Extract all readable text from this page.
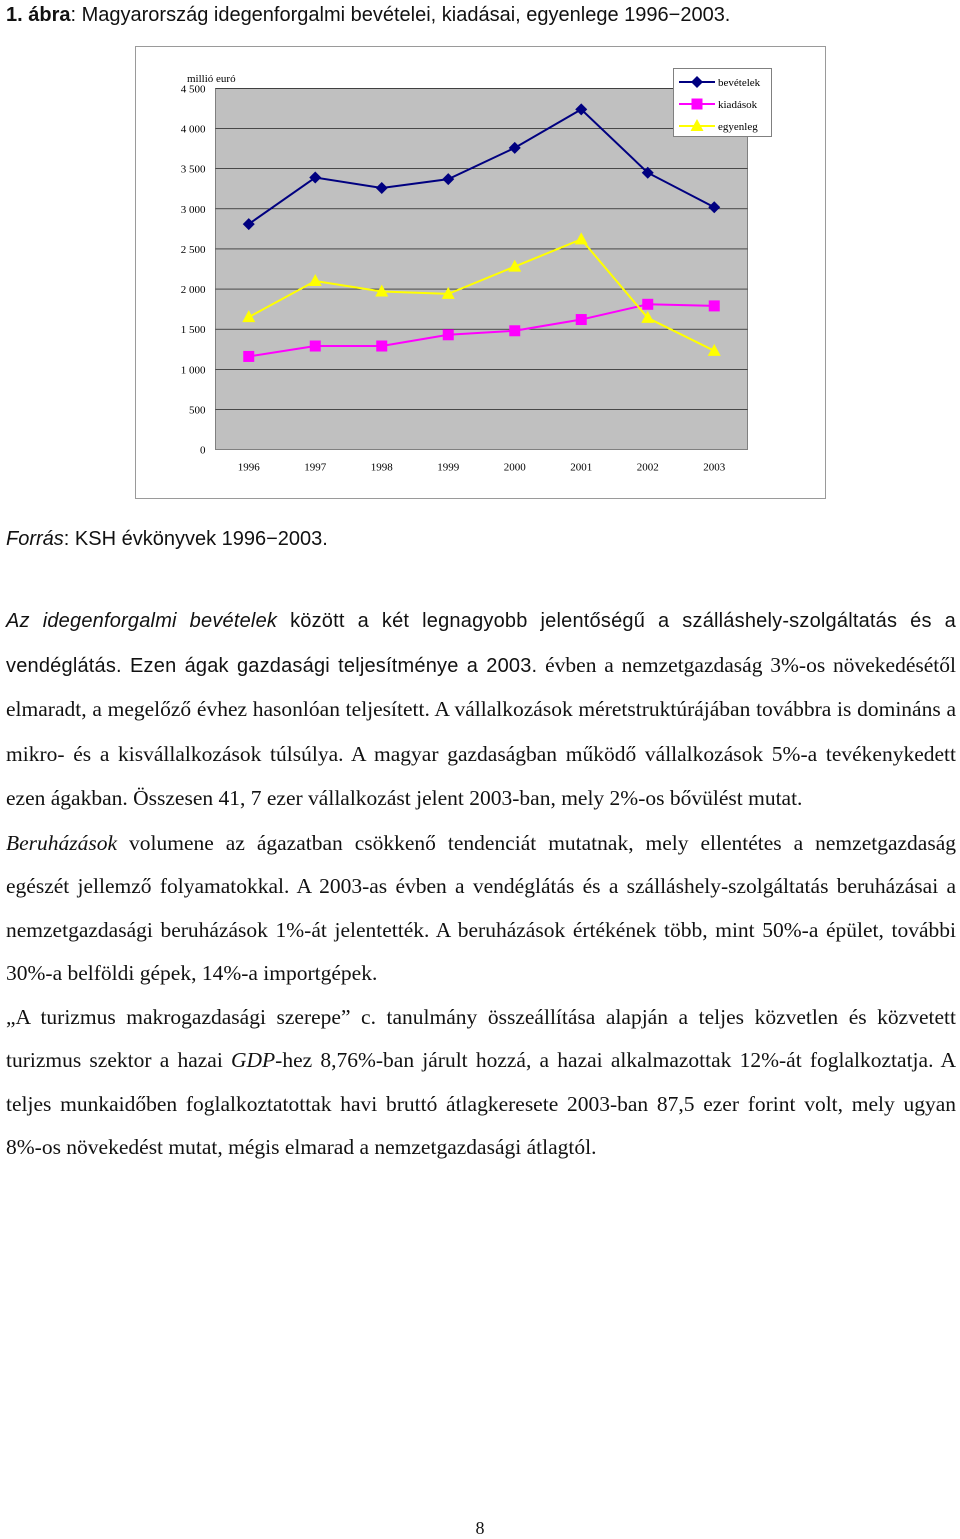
1. ábra: Magyarország idegenforgalmi bevételei, kiadásai, egyenlege 1996−2003.
0
500
1 000
1 500
2 000
2 500
3 000
3 500
4 000
4 500
1996	1997	1998	1999	2000	2001	2002	2003
millió euró	bevételek
kiadások
egyenleg
Forrás: KSH évkönyvek 1996−2003.

Az idegenforgalmi bevételek között a két legnagyobb jelentőségű a szálláshely-szolgáltatás és a vendéglátás. Ezen ágak gazdasági teljesítménye a 2003. évben a nemzetgazdaság 3%-os növekedésétől elmaradt, a megelőző évhez hasonlóan teljesített. A vállalkozások méretstruktúrájában továbbra is domináns a mikro- és a kisvállalkozások túlsúlya. A magyar gazdaságban működő vállalkozások 5%-a tevékenykedett ezen ágakban. Összesen 41, 7 ezer vállalkozást jelent 2003-ban, mely 2%-os bővülést mutat.

Beruházások volumene az ágazatban csökkenő tendenciát mutatnak, mely ellentétes a nemzetgazdaság egészét jellemző folyamatokkal. A 2003-as évben a vendéglátás és a szálláshely-szolgáltatás beruházásai a nemzetgazdasági beruházások 1%-át jelentették. A beruházások értékének több, mint 50%-a épület, további 30%-a belföldi gépek, 14%-a importgépek.

„A turizmus makrogazdasági szerepe” c. tanulmány összeállítása alapján a teljes közvetlen és közvetett turizmus szektor a hazai GDP-hez 8,76%-ban járult hozzá, a hazai alkalmazottak 12%-át foglalkoztatja. A teljes munkaidőben foglalkoztatottak havi bruttó átlagkeresete 2003-ban 87,5 ezer forint volt, mely ugyan 8%-os növekedést mutat, mégis elmarad a nemzetgazdasági átlagtól.

8
